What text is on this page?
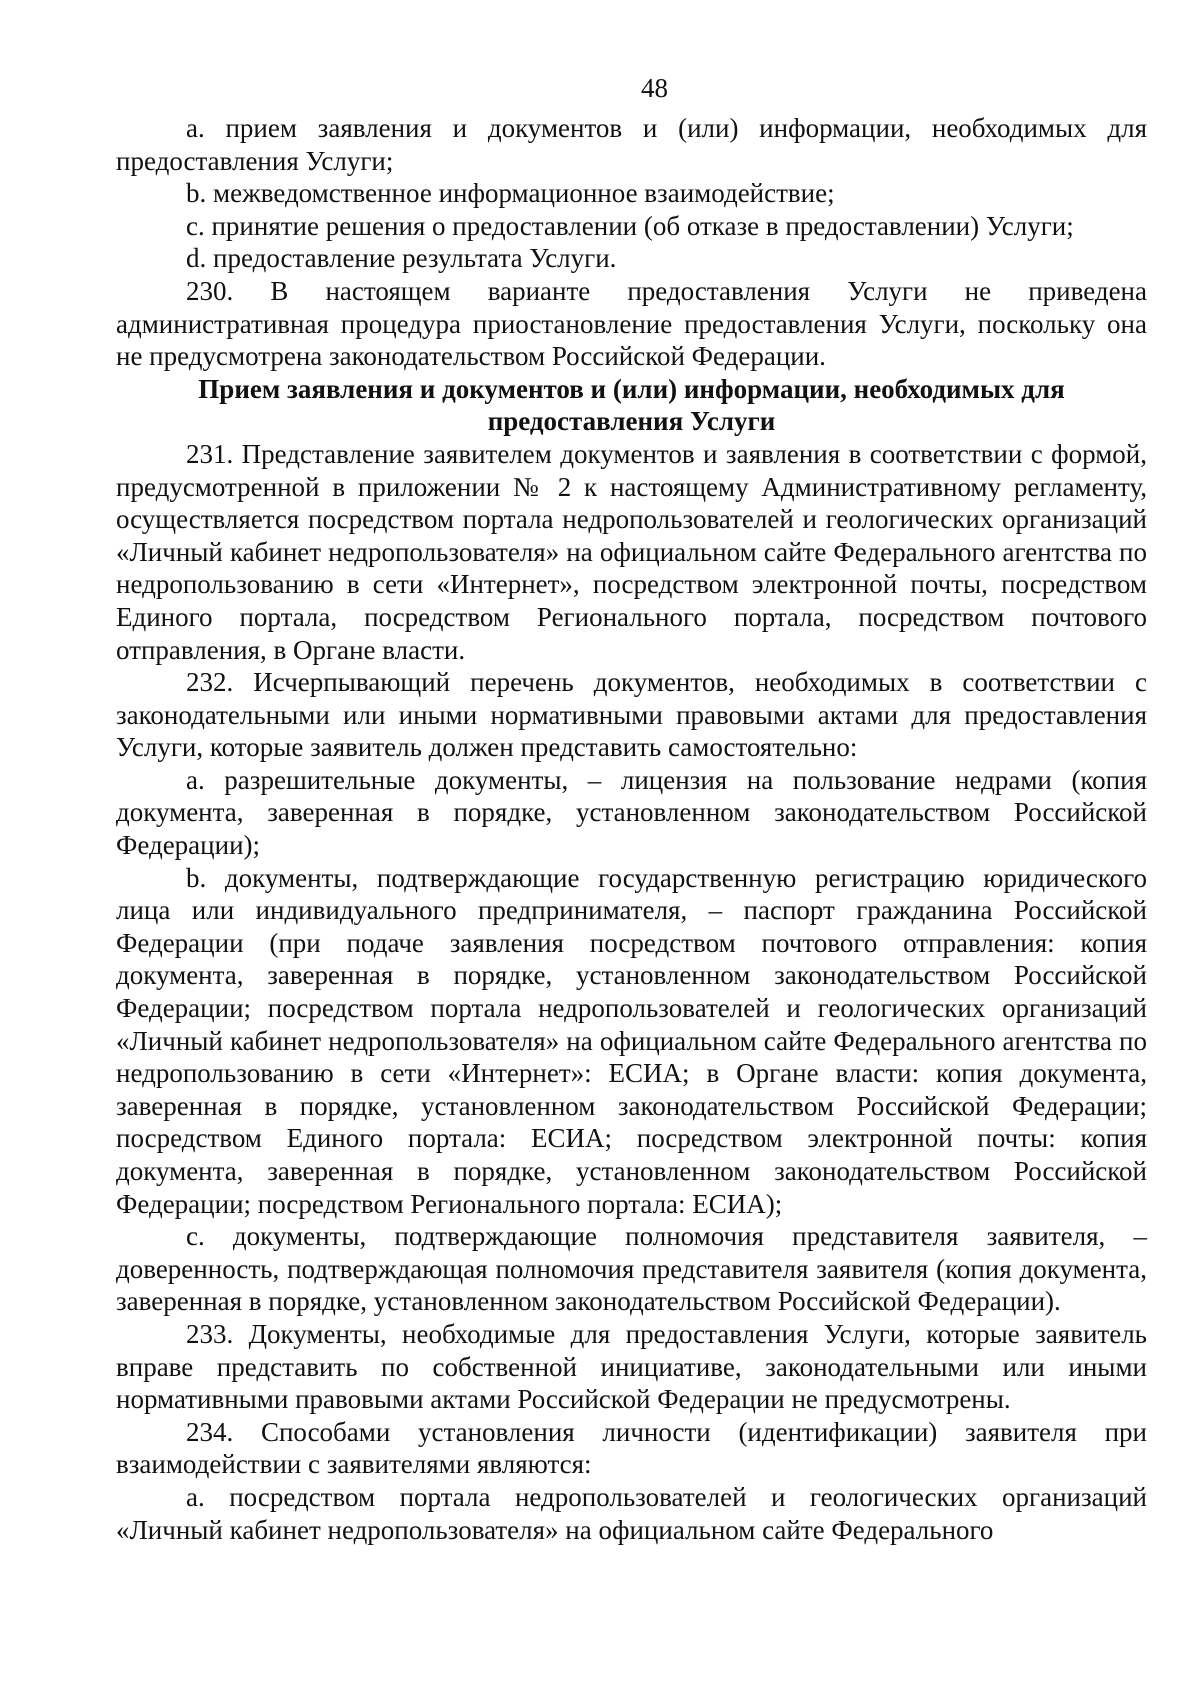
48

a. прием заявления и документов и (или) информации, необходимых для предоставления Услуги;

b. межведомственное информационное взаимодействие;

c. принятие решения о предоставлении (об отказе в предоставлении) Услуги;

d. предоставление результата Услуги.

230. В настоящем варианте предоставления Услуги не приведена административная процедура приостановление предоставления Услуги, поскольку она не предусмотрена законодательством Российской Федерации.

Прием заявления и документов и (или) информации, необходимых для предоставления Услуги

231. Представление заявителем документов и заявления в соответствии с формой, предусмотренной в приложении № 2 к настоящему Административному регламенту, осуществляется посредством портала недропользователей и геологических организаций «Личный кабинет недропользователя» на официальном сайте Федерального агентства по недропользованию в сети «Интернет», посредством электронной почты, посредством Единого портала, посредством Регионального портала, посредством почтового отправления, в Органе власти.

232. Исчерпывающий перечень документов, необходимых в соответствии с законодательными или иными нормативными правовыми актами для предоставления Услуги, которые заявитель должен представить самостоятельно:

a. разрешительные документы, – лицензия на пользование недрами (копия документа, заверенная в порядке, установленном законодательством Российской Федерации);

b. документы, подтверждающие государственную регистрацию юридического лица или индивидуального предпринимателя, – паспорт гражданина Российской Федерации (при подаче заявления посредством почтового отправления: копия документа, заверенная в порядке, установленном законодательством Российской Федерации; посредством портала недропользователей и геологических организаций «Личный кабинет недропользователя» на официальном сайте Федерального агентства по недропользованию в сети «Интернет»: ЕСИА; в Органе власти: копия документа, заверенная в порядке, установленном законодательством Российской Федерации; посредством Единого портала: ЕСИА; посредством электронной почты: копия документа, заверенная в порядке, установленном законодательством Российской Федерации; посредством Регионального портала: ЕСИА);

c. документы, подтверждающие полномочия представителя заявителя, – доверенность, подтверждающая полномочия представителя заявителя (копия документа, заверенная в порядке, установленном законодательством Российской Федерации).

233. Документы, необходимые для предоставления Услуги, которые заявитель вправе представить по собственной инициативе, законодательными или иными нормативными правовыми актами Российской Федерации не предусмотрены.

234. Способами установления личности (идентификации) заявителя при взаимодействии с заявителями являются:

a. посредством портала недропользователей и геологических организаций «Личный кабинет недропользователя» на официальном сайте Федерального
